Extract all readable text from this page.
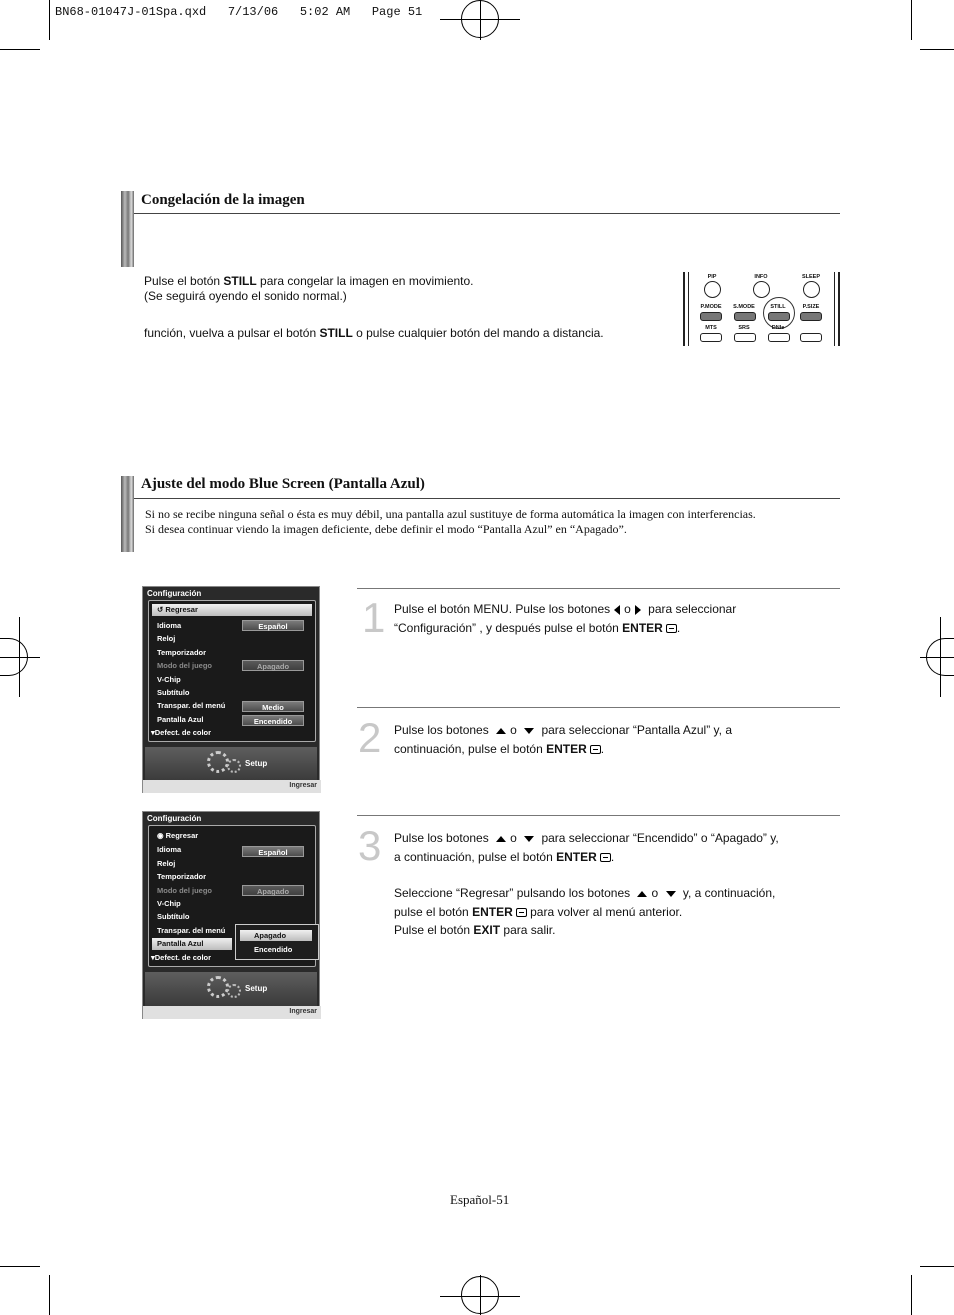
BN68-01047J-01Spa.qxd   7/13/06   5:02 AM   Page 51
Congelación de la imagen
Pulse el botón STILL para congelar la imagen en movimiento.
(Se seguirá oyendo el sonido normal.)
función, vuelva a pulsar el botón STILL o pulse cualquier botón del mando a distancia.
PIP	INFO	SLEEP
P.MODE	S.MODE	STILL	P.SIZE
MTS	SRS	DNIe
Ajuste del modo Blue Screen (Pantalla Azul)
Si no se recibe ninguna señal o ésta es muy débil, una pantalla azul sustituye de forma automática la imagen con interferencias.
Si desea continuar viendo la imagen deficiente, debe definir el modo “Pantalla Azul” en “Apagado”.
Configuración
↺ Regresar
Idioma	Español
Reloj
Temporizador
Modo del juego	Apagado
V-Chip
Subtítulo
Transpar. del menú	Medio
Pantalla Azul	Encendido
▾Defect. de color
Setup
Ingresar
Configuración
◉ Regresar
Idioma	Español
Reloj
Temporizador
Modo del juego	Apagado
V-Chip
Subtítulo
Transpar. del menú
Pantalla Azul
▾Defect. de color
Apagado
Encendido
Setup
Ingresar
1 Pulse el botón MENU. Pulse los botones o para seleccionar
“Configuración” , y después pulse el botón ENTER .
2 Pulse los botones o para seleccionar “Pantalla Azul” y, a
continuación, pulse el botón ENTER .
3 Pulse los botones o para seleccionar “Encendido” o “Apagado” y,
a continuación, pulse el botón ENTER .
Seleccione “Regresar” pulsando los botones o y, a continuación,
pulse el botón ENTER para volver al menú anterior.
Pulse el botón EXIT para salir.
Español-51
